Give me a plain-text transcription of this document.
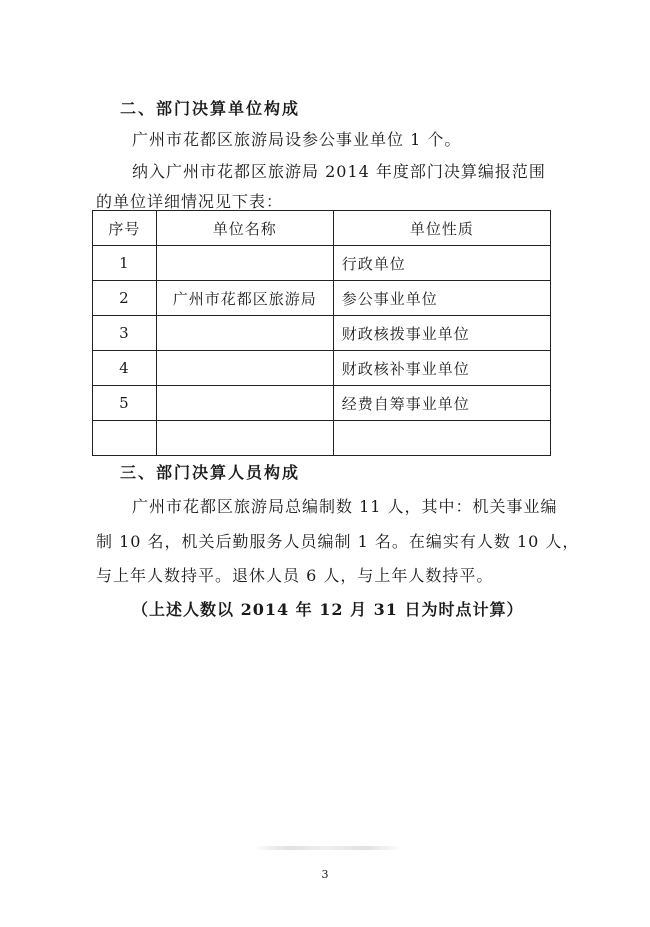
二、部门决算单位构成
广州市花都区旅游局设参公事业单位 1 个。
纳入广州市花都区旅游局 2014 年度部门决算编报范围
的单位详细情况见下表：
序号	单位名称	单位性质
1		行政单位
2	广州市花都区旅游局	参公事业单位
3		财政核拨事业单位
4		财政核补事业单位
5		经费自筹事业单位

三、部门决算人员构成
广州市花都区旅游局总编制数 11 人，其中：机关事业编
制 10 名，机关后勤服务人员编制 1 名。在编实有人数 10 人，
与上年人数持平。退休人员 6 人，与上年人数持平。
（上述人数以 2014 年 12 月 31 日为时点计算）
3
